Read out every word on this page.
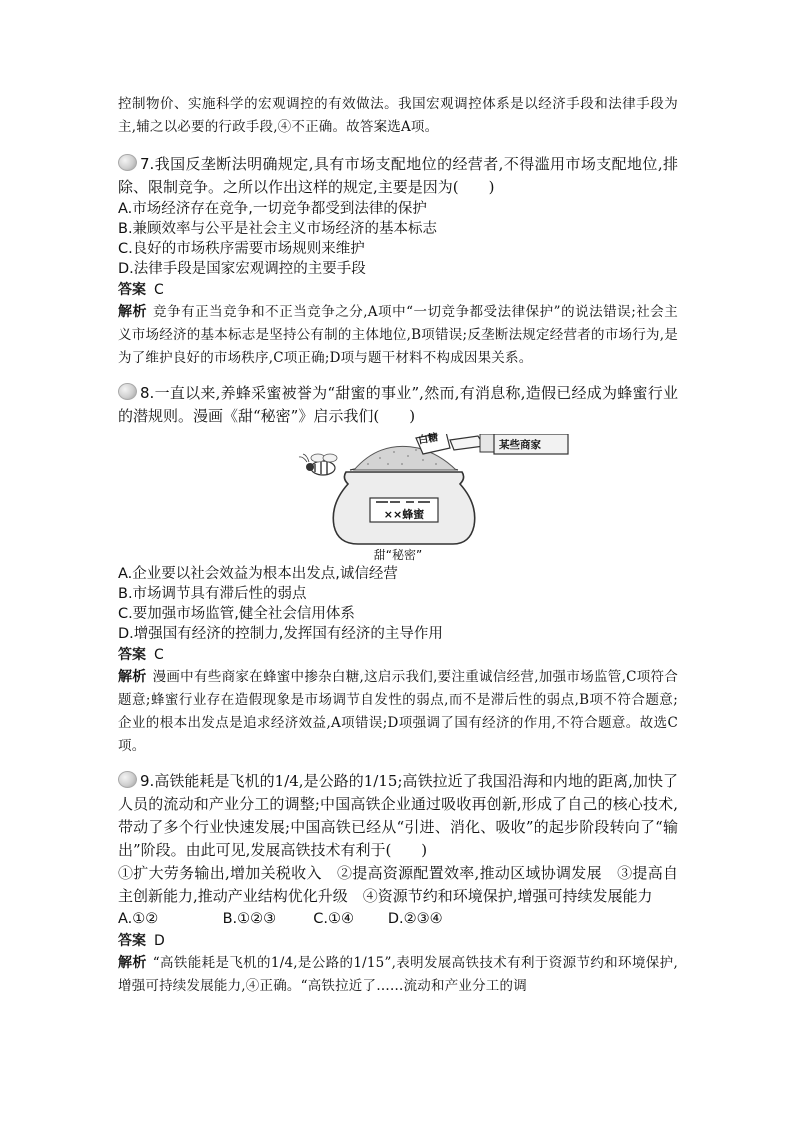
控制物价、实施科学的宏观调控的有效做法。我国宏观调控体系是以经济手段和法律手段为主,辅之以必要的行政手段,④不正确。故答案选A项。
7.我国反垄断法明确规定,具有市场支配地位的经营者,不得滥用市场支配地位,排除、限制竞争。之所以作出这样的规定,主要是因为(　　)
A.市场经济存在竞争,一切竞争都受到法律的保护
B.兼顾效率与公平是社会主义市场经济的基本标志
C.良好的市场秩序需要市场规则来维护
D.法律手段是国家宏观调控的主要手段
答案 C
解析 竞争有正当竞争和不正当竞争之分,A项中“一切竞争都受法律保护”的说法错误;社会主义市场经济的基本标志是坚持公有制的主体地位,B项错误;反垄断法规定经营者的市场行为,是为了维护良好的市场秩序,C项正确;D项与题干材料不构成因果关系。
8.一直以来,养蜂采蜜被誉为“甜蜜的事业”,然而,有消息称,造假已经成为蜂蜜行业的潜规则。漫画《甜“秘密”》启示我们(　　)
白糖	某些商家
××蜂蜜
甜“秘密”
A.企业要以社会效益为根本出发点,诚信经营
B.市场调节具有滞后性的弱点
C.要加强市场监管,健全社会信用体系
D.增强国有经济的控制力,发挥国有经济的主导作用
答案 C
解析 漫画中有些商家在蜂蜜中掺杂白糖,这启示我们,要注重诚信经营,加强市场监管,C项符合题意;蜂蜜行业存在造假现象是市场调节自发性的弱点,而不是滞后性的弱点,B项不符合题意;企业的根本出发点是追求经济效益,A项错误;D项强调了国有经济的作用,不符合题意。故选C项。
9.高铁能耗是飞机的1/4,是公路的1/15;高铁拉近了我国沿海和内地的距离,加快了人员的流动和产业分工的调整;中国高铁企业通过吸收再创新,形成了自己的核心技术,带动了多个行业快速发展;中国高铁已经从“引进、消化、吸收”的起步阶段转向了“输出”阶段。由此可见,发展高铁技术有利于(　　)
①扩大劳务输出,增加关税收入　②提高资源配置效率,推动区域协调发展　③提高自主创新能力,推动产业结构优化升级　④资源节约和环境保护,增强可持续发展能力
A.①②	B.①②③	C.①④ D.②③④
答案 D
解析 “高铁能耗是飞机的1/4,是公路的1/15”,表明发展高铁技术有利于资源节约和环境保护,增强可持续发展能力,④正确。“高铁拉近了……流动和产业分工的调
